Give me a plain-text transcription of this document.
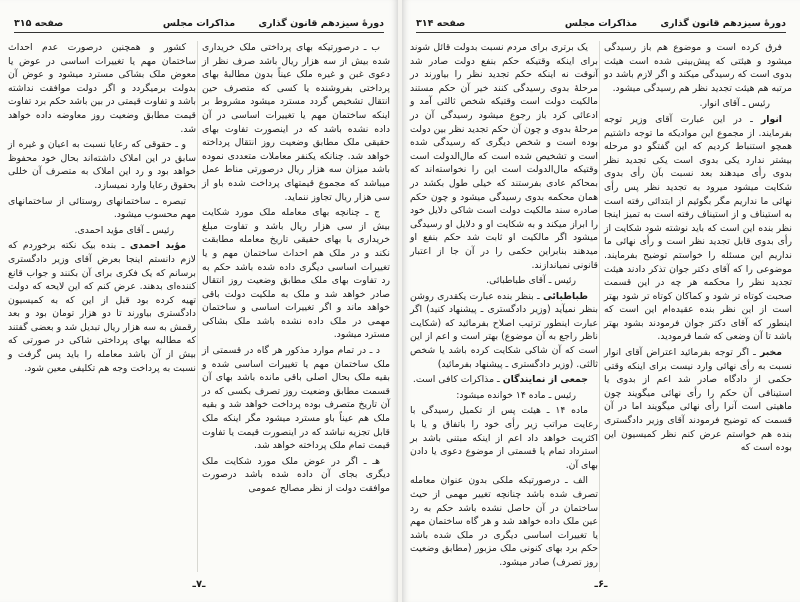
دورهٔ سیزدهم قانون گذاری
مذاکرات مجلس
صفحه ۳۱۵

ب ـ درصورتیکه بهای پرداختی ملک خریداری شده بیش از سه هزار ریال باشد صرف نظر از دعوی غبن و غیره ملک عیناً بدون مطالبهٔ بهای پرداختی بفروشنده یا کسی که متصرف حین انتقال تشخیص گردد مسترد میشود مشروط بر اینکه ساختمان مهم یا تغییرات اساسی در آن داده نشده باشد که در اینصورت تفاوت بهای حقیقی ملک مطابق وضعیت روز انتقال پرداخته خواهد شد. چنانکه یکنفر معاملات متعددی نموده باشد میزان سه هزار ریال درصورتی مناط عمل میباشد که مجموع قیمتهای پرداخت شده باو از سی هزار ریال تجاوز ننماید.

ج ـ چنانچه بهای معامله ملک مورد شکایت بیش از سی هزار ریال باشد و تفاوت مبلغ خریداری با بهای حقیقی تاریخ معامله مطابقت نکند و در ملک هم احداث ساختمان مهم و یا تغییرات اساسی دیگری داده شده باشد حکم به رد تفاوت بهای ملک مطابق وضعیت روز انتقال صادر خواهد شد و ملک به ملکیت دولت باقی خواهد ماند و اگر تغییرات اساسی و ساختمان مهمی در ملک داده نشده باشد ملک بشاکی مسترد میشود.

د ـ در تمام موارد مذکور هر گاه در قسمتی از ملک ساختمان مهم یا تغییرات اساسی شده و بقیه ملک بحال اصلی باقی مانده باشد بهای آن قسمت مطابق وضعیت روز تصرف بکسی که در آن تاریخ متصرف بوده پرداخت خواهد شد و بقیه ملک هم عیناً باو مسترد میشود مگر اینکه ملک قابل تجزیه نباشد که در اینصورت قیمت یا تفاوت قیمت تمام ملک پرداخته خواهد شد.

هـ ـ اگر در عوض ملک مورد شکایت ملک دیگری بجای آن داده شده باشد درصورت موافقت دولت از نظر مصالح عمومی

کشور و همچنین درصورت عدم احداث ساختمان مهم یا تغییرات اساسی در عوض یا معوض ملک بشاکی مسترد میشود و عوض آن بدولت برمیگردد و اگر دولت موافقت نداشته باشد و تفاوت قیمتی در بین باشد حکم برد تفاوت قیمت مطابق وضعیت روز معاوضه داده خواهد شد.

و ـ حقوقی که رعایا نسبت به اعیان و غیره از سابق در این املاک داشته‌اند بحال خود محفوظ خواهد بود و رد این املاک به متصرف آن خللی بحقوق رعایا وارد نمیسازد.

تبصره ـ ساختمانهای روستائی از ساختمانهای مهم محسوب میشود.

رئیس ـ آقای مؤید احمدی.

مؤید احمدی ـ بنده بیک نکته برخوردم که لازم دانستم اینجا بعرض آقای وزیر دادگستری برسانم که یک فکری برای آن بکنند و جواب قانع کننده‌ای بدهند. عرض کنم که این لایحه که دولت تهیه کرده بود قبل از این که به کمیسیون دادگستری بیاورند تا دو هزار تومان بود و بعد رقمش به سه هزار ریال تبدیل شد و بعضی گفتند که مطالبه بهای پرداختی شاکی در صورتی که بیش از آن باشد معامله را باید پس گرفت و نسبت به پرداخت وجه هم تکلیفی معین شود.

ـ۷ـ
دورهٔ سیزدهم قانون گذاری
مذاکرات مجلس
صفحه ۳۱۴

فرق کرده است و موضوع هم باز رسیدگی میشود و هیئتی که پیش‌بینی شده است هیئت بدوی است که رسیدگی میکند و اگر لازم باشد دو مرتبه هم هیئت تجدید نظر هم رسیدگی میشود.

رئیس ـ آقای انوار.

انوار ـ در این عبارت آقای وزیر توجه بفرمایند. از مجموع این موادیکه ما توجه داشتیم همچو استنباط کردیم که این گفتگو دو مرحله بیشتر ندارد یکی بدوی است یکی تجدید نظر بدوی رأی میدهند بعد نسبت بآن رأی بدوی شکایت میشود میرود به تجدید نظر پس رأی نهائی ما نداریم مگر بگوئیم از ابتدائی رفته است به استیناف و از استیناف رفته است به تمیز اینجا نظر بنده این است که باید نوشته شود شکایت از رأی بدوی قابل تجدید نظر است و رأی نهائی ما نداریم این مسئله را خواستم توضیح بفرمایند. موضوعی را که آقای دکتر جوان تذکر دادند هیئت تجدید نظر را محکمه هر چه در این قسمت صحبت کوتاه تر شود و کماکان کوتاه تر شود بهتر است از این نظر بنده عقیده‌ام این است که اینطور که آقای دکتر جوان فرمودند بشود بهتر باشد تا آن وضعی که شما فرمودید.

مخبر ـ اگر توجه بفرمائید اعتراض آقای انوار نسبت به رأی نهائی وارد نیست برای اینکه وقتی حکمی از دادگاه صادر شد اعم از بدوی یا استینافی آن حکم را رأی نهائی میگویند چون ماهیتی است آنرا رأی نهائی میگویند اما در آن قسمت که توضیح فرمودند آقای وزیر دادگستری بنده هم خواستم عرض کنم نظر کمیسیون این بوده است که

یک برتری برای مردم نسبت بدولت قائل شوند برای اینکه وقتیکه حکم بنفع دولت صادر شد آنوقت نه اینکه حکم تجدید نظر را بیاورند در مرحلهٔ بدوی رسیدگی کنند خیر آن حکم مستند مالکیت دولت است وقتیکه شخص ثالثی آمد و ادعائی کرد باز رجوع میشود رسیدگی آن در مرحلهٔ بدوی و چون آن حکم تجدید نظر بین دولت بوده است و شخص دیگری که رسیدگی شده است و تشخیص شده است که مال‌الدولت است وقتیکه مال‌الدولت است این را نخواسته‌اند که بمحاکم عادی بفرستند که خیلی طول بکشد در همان محکمه بدوی رسیدگی میشود و چون حکم صادره سند مالکیت دولت است شاکی دلایل خود را ابراز میکند و به شکایت او و دلایل او رسیدگی میشود اگر مالکیت او ثابت شد حکم بنفع او میدهند بنابراین حکمی را در آن جا از اعتبار قانونی نمیاندازند.

رئیس ـ آقای طباطبائی.

طباطبائی ـ بنظر بنده عبارت یکقدری روشن بنظر نمیآید (وزیر دادگستری ـ پیشنهاد کنید) اگر عبارت اینطور ترتیب اصلاح بفرمائید که (شکایت ناظر راجع به آن موضوع) بهتر است و اعم از این است که آن شاکی شکایت کرده باشد یا شخص ثالثی. (وزیر دادگستری ـ پیشنهاد بفرمائید)

جمعی از نمایندگان ـ مذاکرات کافی است.

رئیس ـ ماده ۱۴ خوانده میشود:

ماده ۱۴ ـ هیئت پس از تکمیل رسیدگی با رعایت مراتب زیر رأی خود را باتفاق و یا با اکثریت خواهد داد اعم از اینکه مبتنی باشد بر استرداد تمام یا قسمتی از موضوع دعوی یا دادن بهای آن.

الف ـ درصورتیکه ملکی بدون عنوان معامله تصرف شده باشد چنانچه تغییر مهمی از حیث ساختمان در آن حاصل نشده باشد حکم به رد عین ملک داده خواهد شد و هر گاه ساختمان مهم یا تغییرات اساسی دیگری در ملک شده باشد حکم برد بهای کنونی ملک مزبور (مطابق وضعیت روز تصرف) صادر میشود.

ـ۶ـ
